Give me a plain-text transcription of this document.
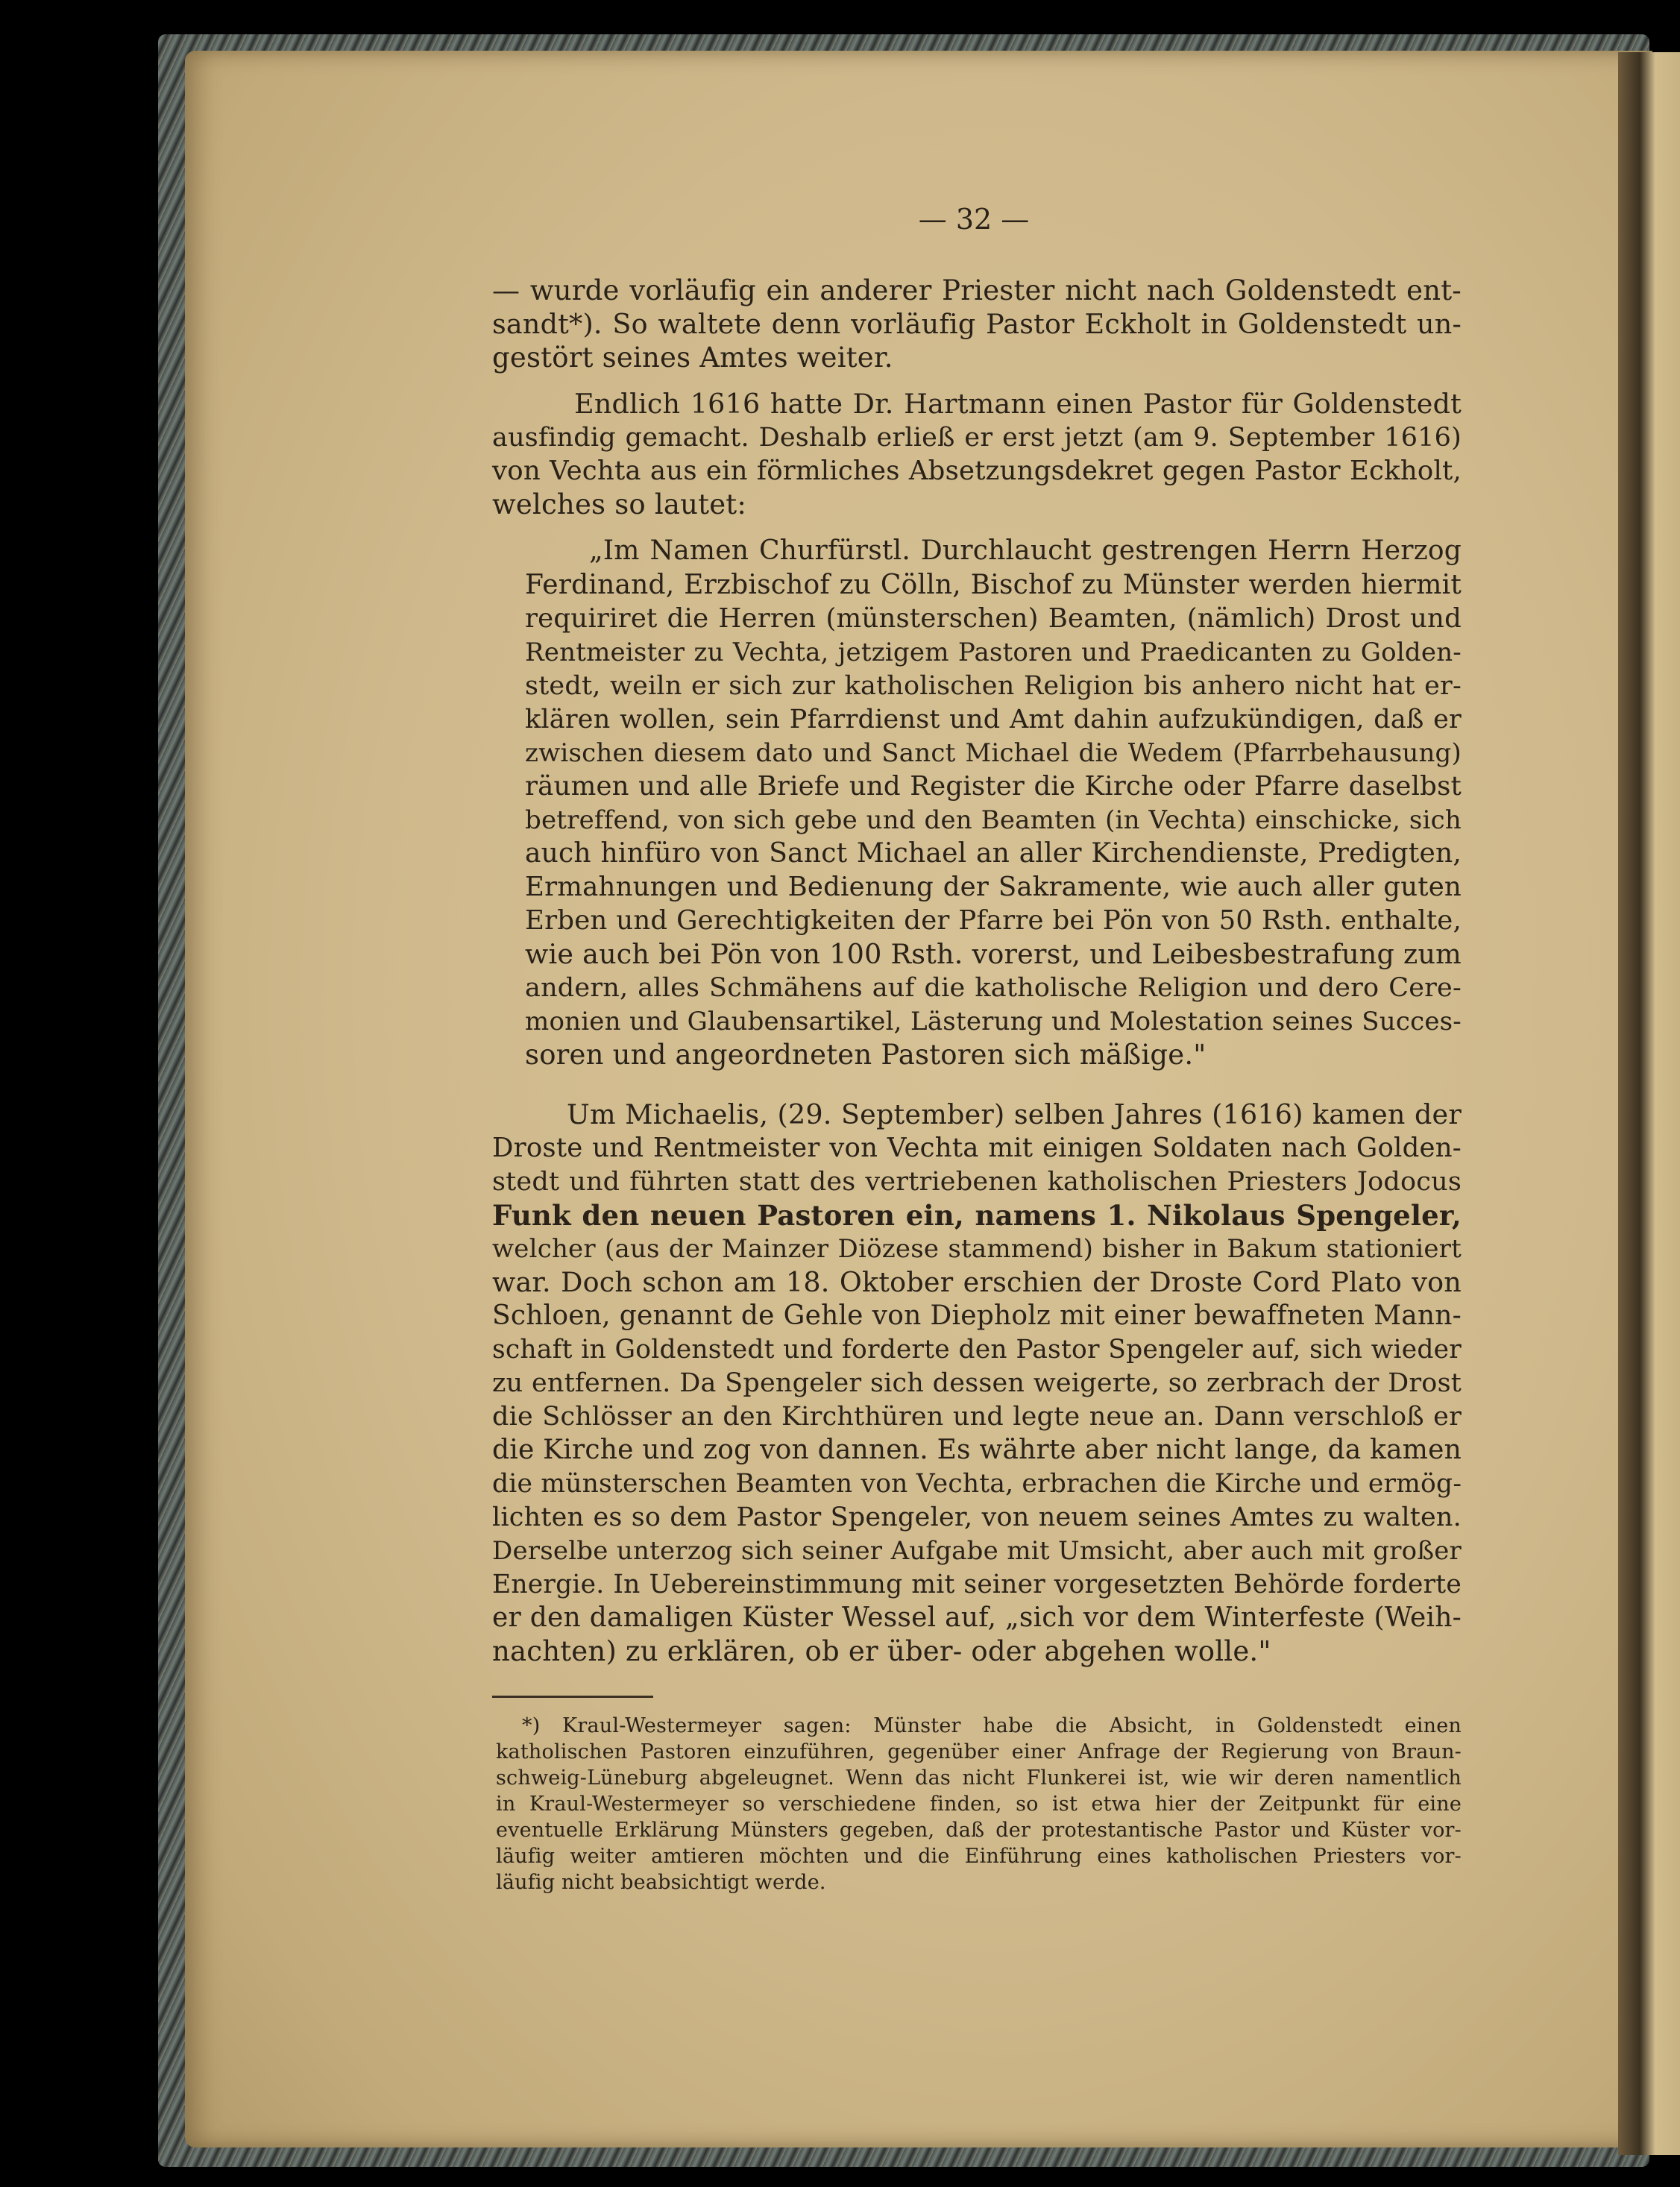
— 32 —
— wurde vorläufig ein anderer Priester nicht nach Goldenstedt ent-
sandt*). So waltete denn vorläufig Pastor Eckholt in Goldenstedt un-
gestört seines Amtes weiter.
Endlich 1616 hatte Dr. Hartmann einen Pastor für Goldenstedt
ausfindig gemacht. Deshalb erließ er erst jetzt (am 9. September 1616)
von Vechta aus ein förmliches Absetzungsdekret gegen Pastor Eckholt,
welches so lautet:
„Im Namen Churfürstl. Durchlaucht gestrengen Herrn Herzog
Ferdinand, Erzbischof zu Cölln, Bischof zu Münster werden hiermit
requiriret die Herren (münsterschen) Beamten, (nämlich) Drost und
Rentmeister zu Vechta, jetzigem Pastoren und Praedicanten zu Golden-
stedt, weiln er sich zur katholischen Religion bis anhero nicht hat er-
klären wollen, sein Pfarrdienst und Amt dahin aufzukündigen, daß er
zwischen diesem dato und Sanct Michael die Wedem (Pfarrbehausung)
räumen und alle Briefe und Register die Kirche oder Pfarre daselbst
betreffend, von sich gebe und den Beamten (in Vechta) einschicke, sich
auch hinfüro von Sanct Michael an aller Kirchendienste, Predigten,
Ermahnungen und Bedienung der Sakramente, wie auch aller guten
Erben und Gerechtigkeiten der Pfarre bei Pön von 50 Rsth. enthalte,
wie auch bei Pön von 100 Rsth. vorerst, und Leibesbestrafung zum
andern, alles Schmähens auf die katholische Religion und dero Cere-
monien und Glaubensartikel, Lästerung und Molestation seines Succes-
soren und angeordneten Pastoren sich mäßige."
Um Michaelis, (29. September) selben Jahres (1616) kamen der
Droste und Rentmeister von Vechta mit einigen Soldaten nach Golden-
stedt und führten statt des vertriebenen katholischen Priesters Jodocus
Funk den neuen Pastoren ein, namens 1. Nikolaus Spengeler,
welcher (aus der Mainzer Diözese stammend) bisher in Bakum stationiert
war. Doch schon am 18. Oktober erschien der Droste Cord Plato von
Schloen, genannt de Gehle von Diepholz mit einer bewaffneten Mann-
schaft in Goldenstedt und forderte den Pastor Spengeler auf, sich wieder
zu entfernen. Da Spengeler sich dessen weigerte, so zerbrach der Drost
die Schlösser an den Kirchthüren und legte neue an. Dann verschloß er
die Kirche und zog von dannen. Es währte aber nicht lange, da kamen
die münsterschen Beamten von Vechta, erbrachen die Kirche und ermög-
lichten es so dem Pastor Spengeler, von neuem seines Amtes zu walten.
Derselbe unterzog sich seiner Aufgabe mit Umsicht, aber auch mit großer
Energie. In Uebereinstimmung mit seiner vorgesetzten Behörde forderte
er den damaligen Küster Wessel auf, „sich vor dem Winterfeste (Weih-
nachten) zu erklären, ob er über- oder abgehen wolle."
*) Kraul-Westermeyer sagen: Münster habe die Absicht, in Goldenstedt einen
katholischen Pastoren einzuführen, gegenüber einer Anfrage der Regierung von Braun-
schweig-Lüneburg abgeleugnet. Wenn das nicht Flunkerei ist, wie wir deren namentlich
in Kraul-Westermeyer so verschiedene finden, so ist etwa hier der Zeitpunkt für eine
eventuelle Erklärung Münsters gegeben, daß der protestantische Pastor und Küster vor-
läufig weiter amtieren möchten und die Einführung eines katholischen Priesters vor-
läufig nicht beabsichtigt werde.
